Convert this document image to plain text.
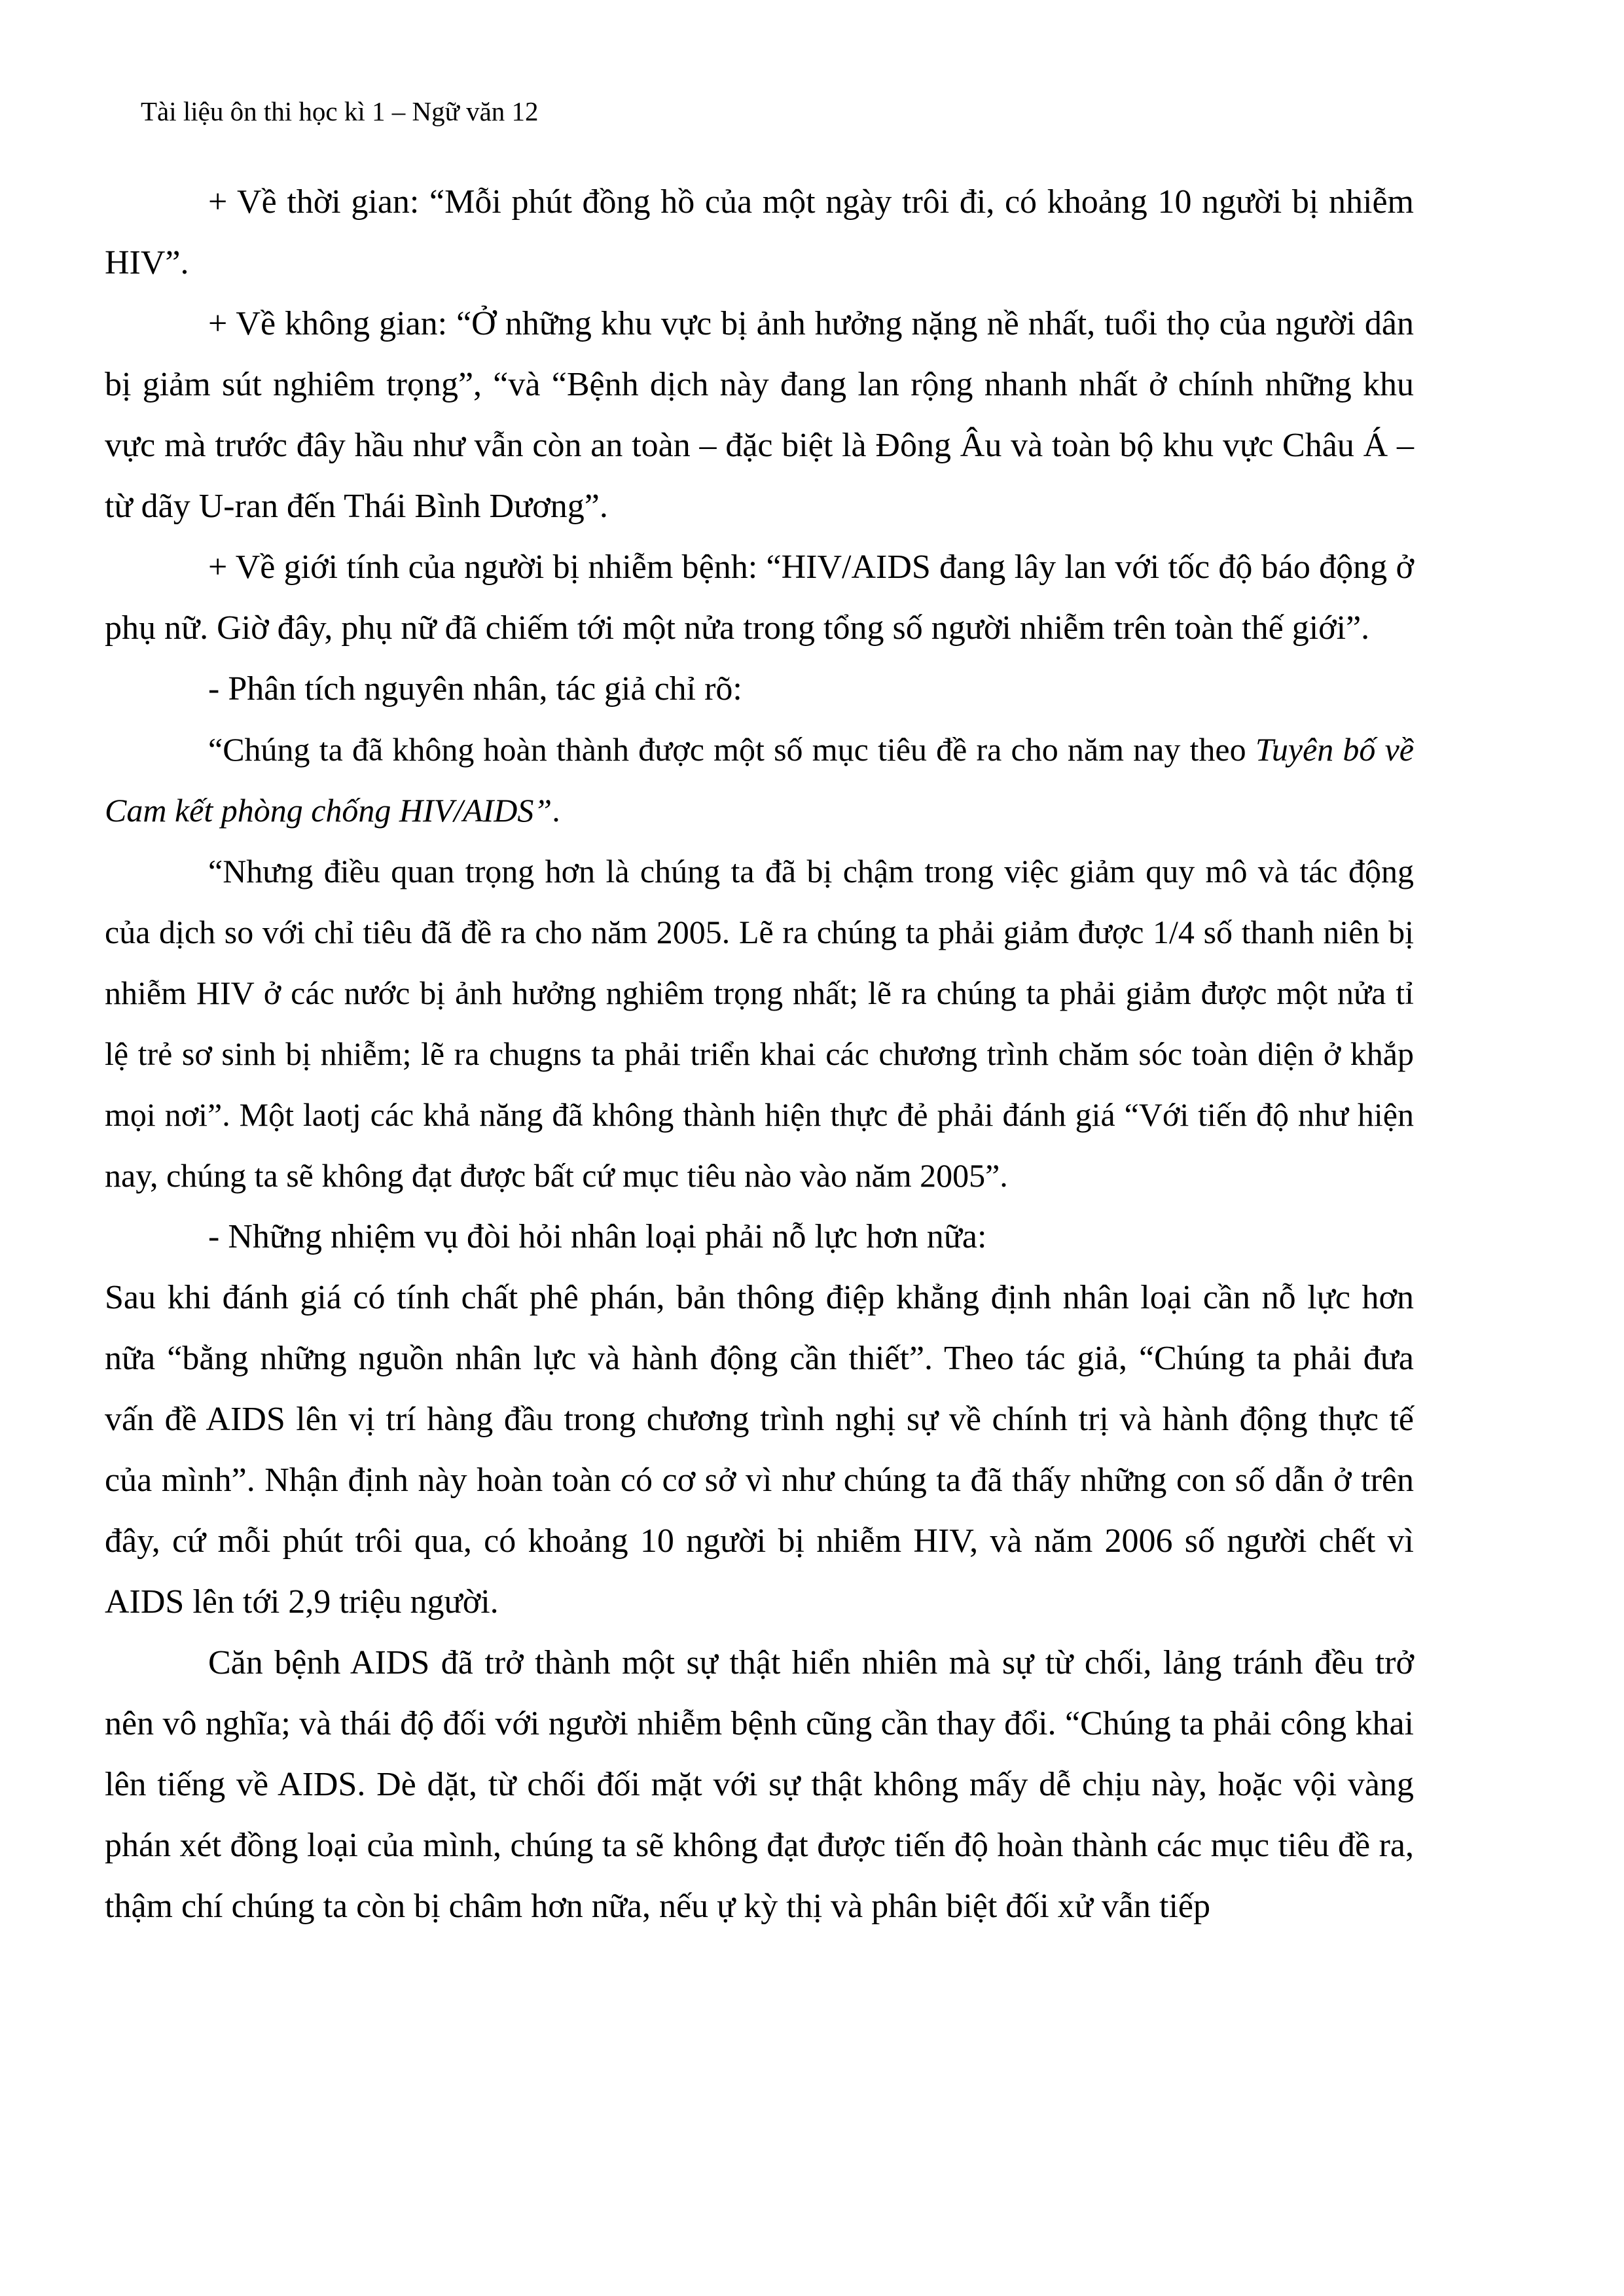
Tài liệu ôn thi học kì 1 – Ngữ văn 12

+ Về thời gian: “Mỗi phút đồng hồ của một ngày trôi đi, có khoảng 10 người bị nhiễm HIV”.

+ Về không gian: “Ở những khu vực bị ảnh hưởng nặng nề nhất, tuổi thọ của người dân bị giảm sút nghiêm trọng”, “và “Bệnh dịch này đang lan rộng nhanh nhất ở chính những khu vực mà trước đây hầu như vẫn còn an toàn – đặc biệt là Đông Âu và toàn bộ khu vực Châu Á – từ dãy U-ran đến Thái Bình Dương”.

+ Về giới tính của người bị nhiễm bệnh: “HIV/AIDS đang lây lan với tốc độ báo động ở phụ nữ. Giờ đây, phụ nữ đã chiếm tới một nửa trong tổng số người nhiễm trên toàn thế giới”.

- Phân tích nguyên nhân, tác giả chỉ rõ:

“Chúng ta đã không hoàn thành được một số mục tiêu đề ra cho năm nay theo Tuyên bố về Cam kết phòng chống HIV/AIDS”.

“Nhưng điều quan trọng hơn là chúng ta đã bị chậm trong việc giảm quy mô và tác động của dịch so với chỉ tiêu đã đề ra cho năm 2005. Lẽ ra chúng ta phải giảm được 1/4 số thanh niên bị nhiễm HIV ở các nước bị ảnh hưởng nghiêm trọng nhất; lẽ ra chúng ta phải giảm được một nửa tỉ lệ trẻ sơ sinh bị nhiễm; lẽ ra chugns ta phải triển khai các chương trình chăm sóc toàn diện ở khắp mọi nơi”. Một laotj các khả năng đã không thành hiện thực đẻ phải đánh giá “Với tiến độ như hiện nay, chúng ta sẽ không đạt được bất cứ mục tiêu nào vào năm 2005”.

- Những nhiệm vụ đòi hỏi nhân loại phải nỗ lực hơn nữa:

Sau khi đánh giá có tính chất phê phán, bản thông điệp khẳng định nhân loại cần nỗ lực hơn nữa “bằng những nguồn nhân lực và hành động cần thiết”. Theo tác giả, “Chúng ta phải đưa vấn đề AIDS lên vị trí hàng đầu trong chương trình nghị sự về chính trị và hành động thực tế của mình”. Nhận định này hoàn toàn có cơ sở vì như chúng ta đã thấy những con số dẫn ở trên đây, cứ mỗi phút trôi qua, có khoảng 10 người bị nhiễm HIV, và năm 2006 số người chết vì AIDS lên tới 2,9 triệu người.

Căn bệnh AIDS đã trở thành một sự thật hiển nhiên mà sự từ chối, lảng tránh đều trở nên vô nghĩa; và thái độ đối với người nhiễm bệnh cũng cần thay đổi. “Chúng ta phải công khai lên tiếng về AIDS. Dè dặt, từ chối đối mặt với sự thật không mấy dễ chịu này, hoặc vội vàng phán xét đồng loại của mình, chúng ta sẽ không đạt được tiến độ hoàn thành các mục tiêu đề ra, thậm chí chúng ta còn bị châm hơn nữa, nếu ự kỳ thị và phân biệt đối xử vẫn tiếp
